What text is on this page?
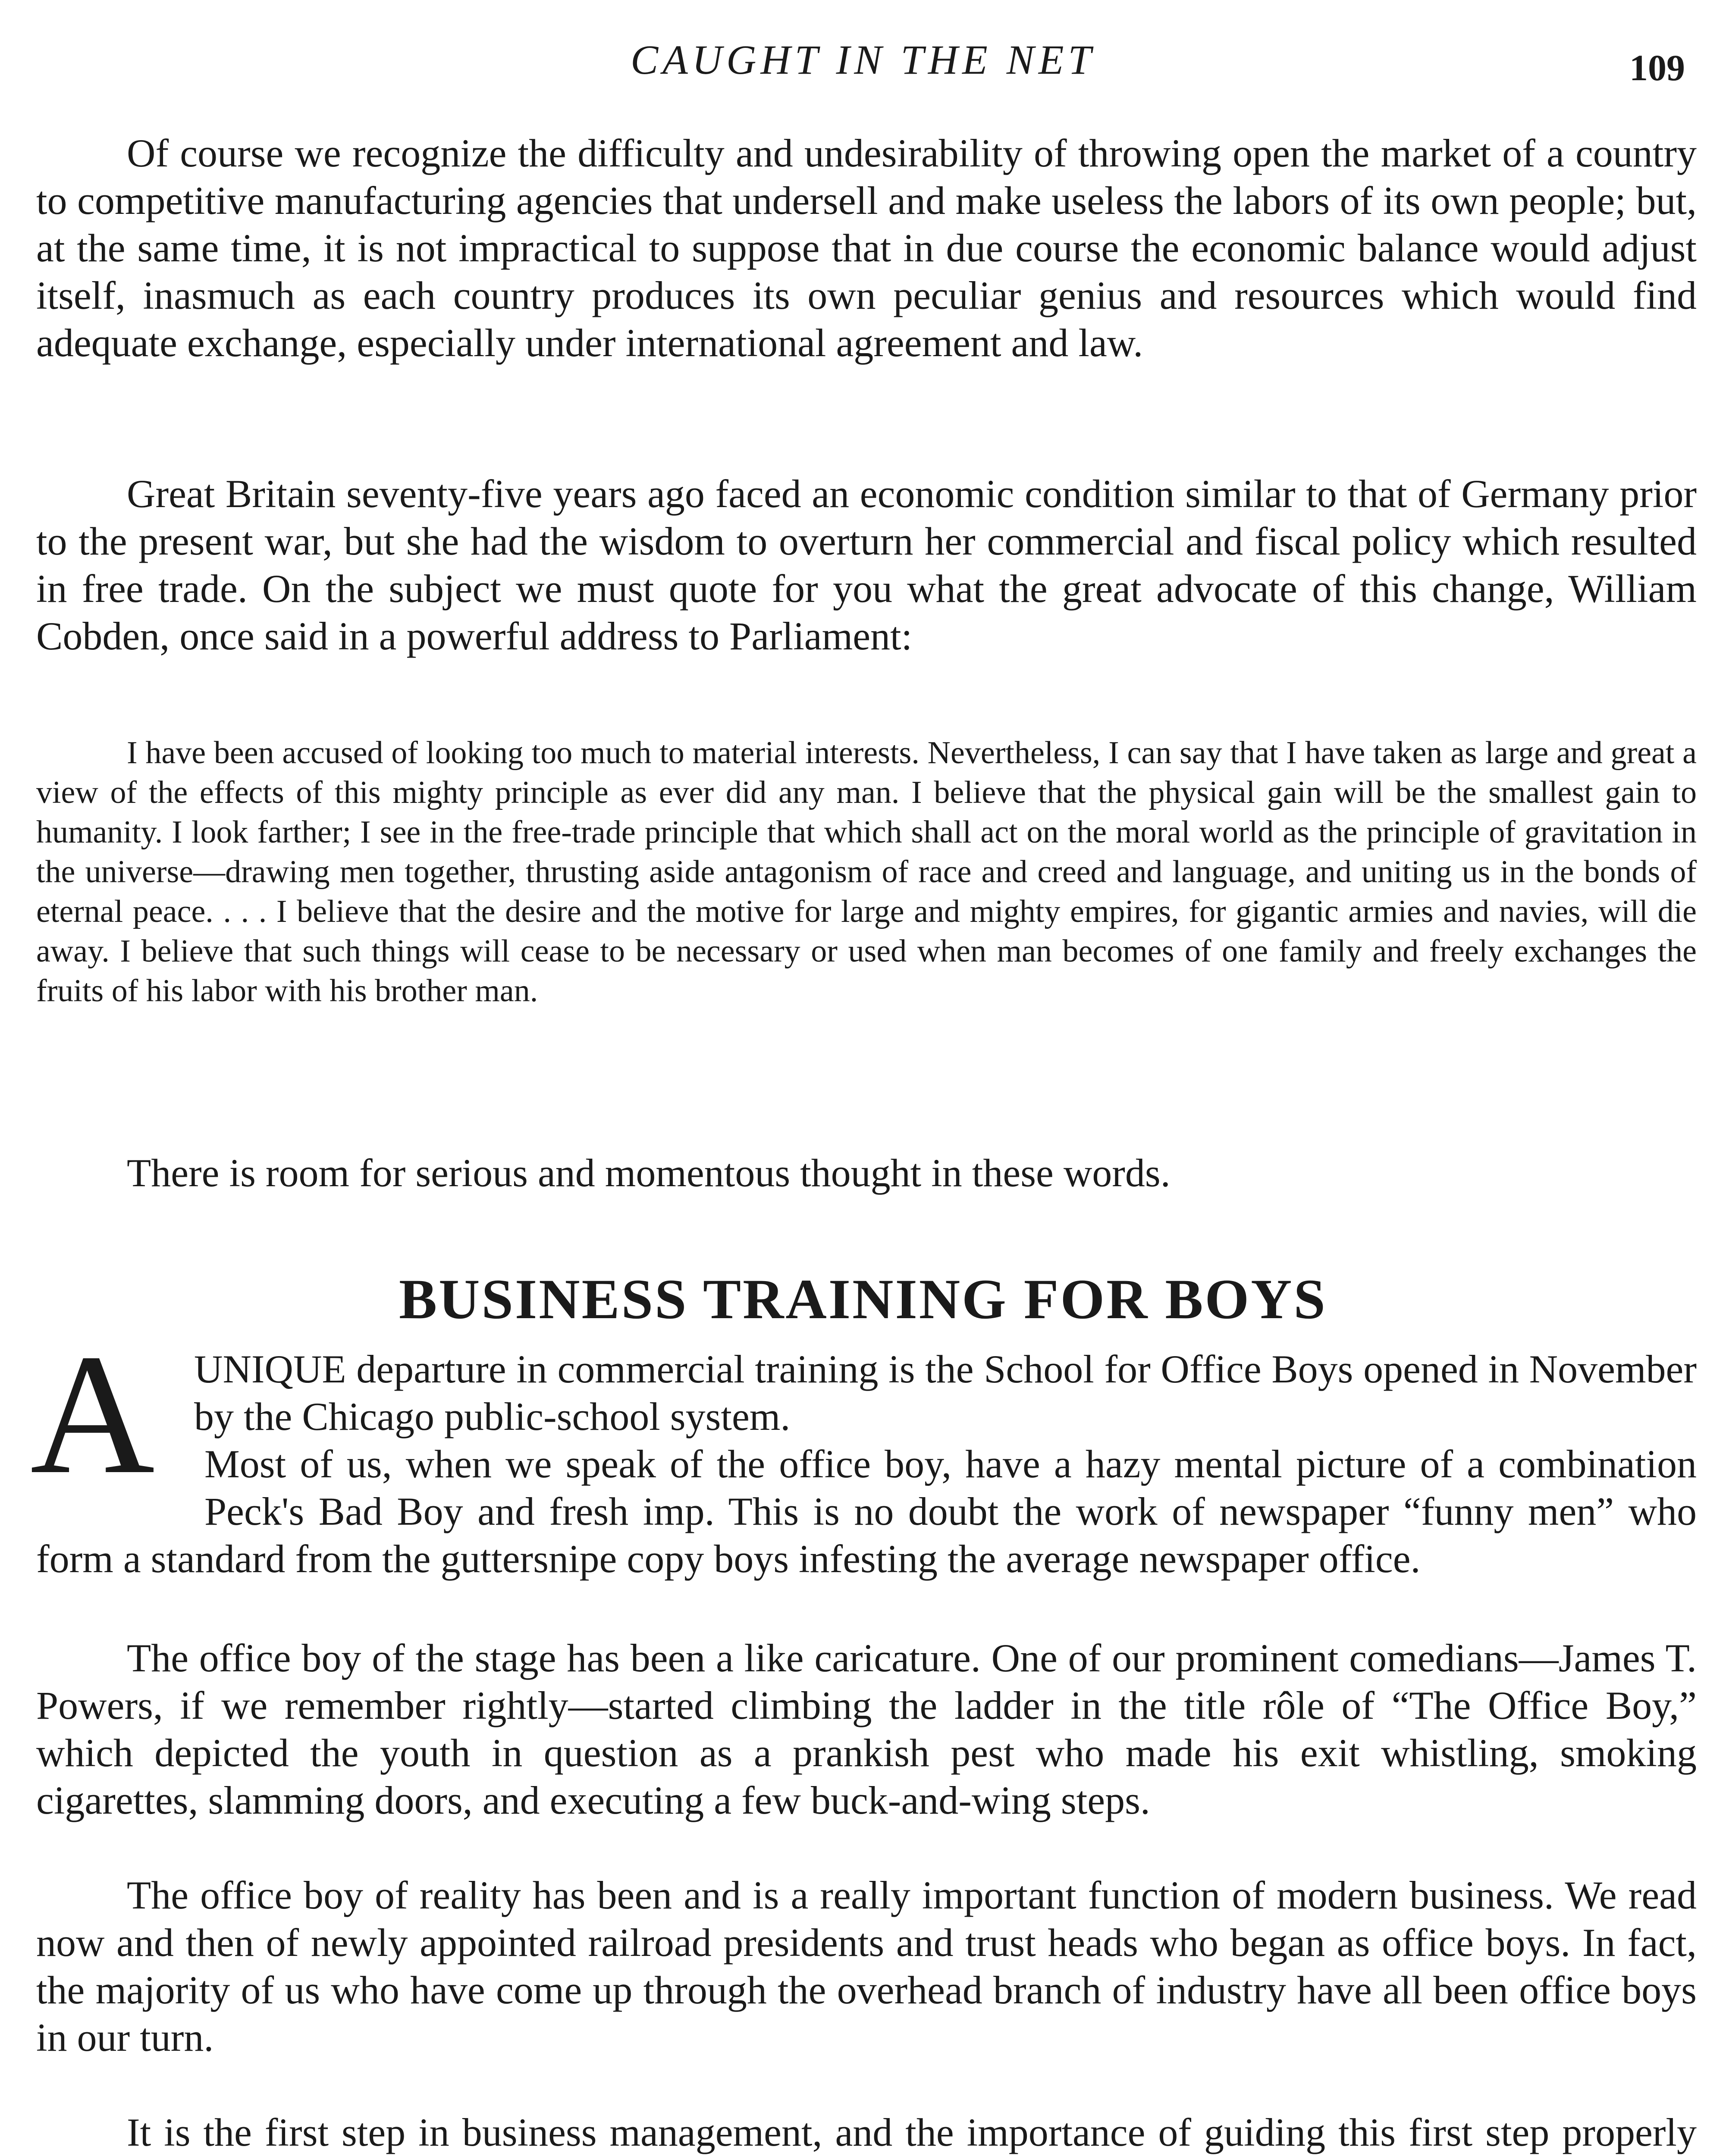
CAUGHT IN THE NET	109

Of course we recognize the difficulty and undesirability of throwing open the market of a country to competitive manufacturing agencies that undersell and make useless the labors of its own people; but, at the same time, it is not impractical to suppose that in due course the economic balance would adjust itself, inasmuch as each country produces its own peculiar genius and resources which would find adequate exchange, especially under international agreement and law.

Great Britain seventy-five years ago faced an economic condition similar to that of Germany prior to the present war, but she had the wisdom to overturn her commercial and fiscal policy which resulted in free trade. On the subject we must quote for you what the great advocate of this change, William Cobden, once said in a powerful address to Parliament:

I have been accused of looking too much to material interests. Nevertheless, I can say that I have taken as large and great a view of the effects of this mighty principle as ever did any man. I believe that the physical gain will be the smallest gain to humanity. I look farther; I see in the free-trade principle that which shall act on the moral world as the principle of gravitation in the universe—drawing men together, thrusting aside antagonism of race and creed and language, and uniting us in the bonds of eternal peace. . . . I believe that the desire and the motive for large and mighty empires, for gigantic armies and navies, will die away. I believe that such things will cease to be necessary or used when man becomes of one family and freely exchanges the fruits of his labor with his brother man.

There is room for serious and momentous thought in these words.

BUSINESS TRAINING FOR BOYS
A UNIQUE departure in commercial training is the School for Office Boys opened in November by the Chicago public-school system.

Most of us, when we speak of the office boy, have a hazy mental picture of a combination Peck's Bad Boy and fresh imp. This is no doubt the work of newspaper “funny men” who form a standard from the guttersnipe copy boys infesting the average newspaper office.

The office boy of the stage has been a like caricature. One of our prominent comedians—James T. Powers, if we remember rightly—started climbing the ladder in the title rôle of “The Office Boy,” which depicted the youth in question as a prankish pest who made his exit whistling, smoking cigarettes, slamming doors, and executing a few buck-and-wing steps.

The office boy of reality has been and is a really important function of modern business. We read now and then of newly appointed railroad presidents and trust heads who began as office boys. In fact, the majority of us who have come up through the overhead branch of industry have all been office boys in our turn.

It is the first step in business management, and the importance of guiding this first step properly
